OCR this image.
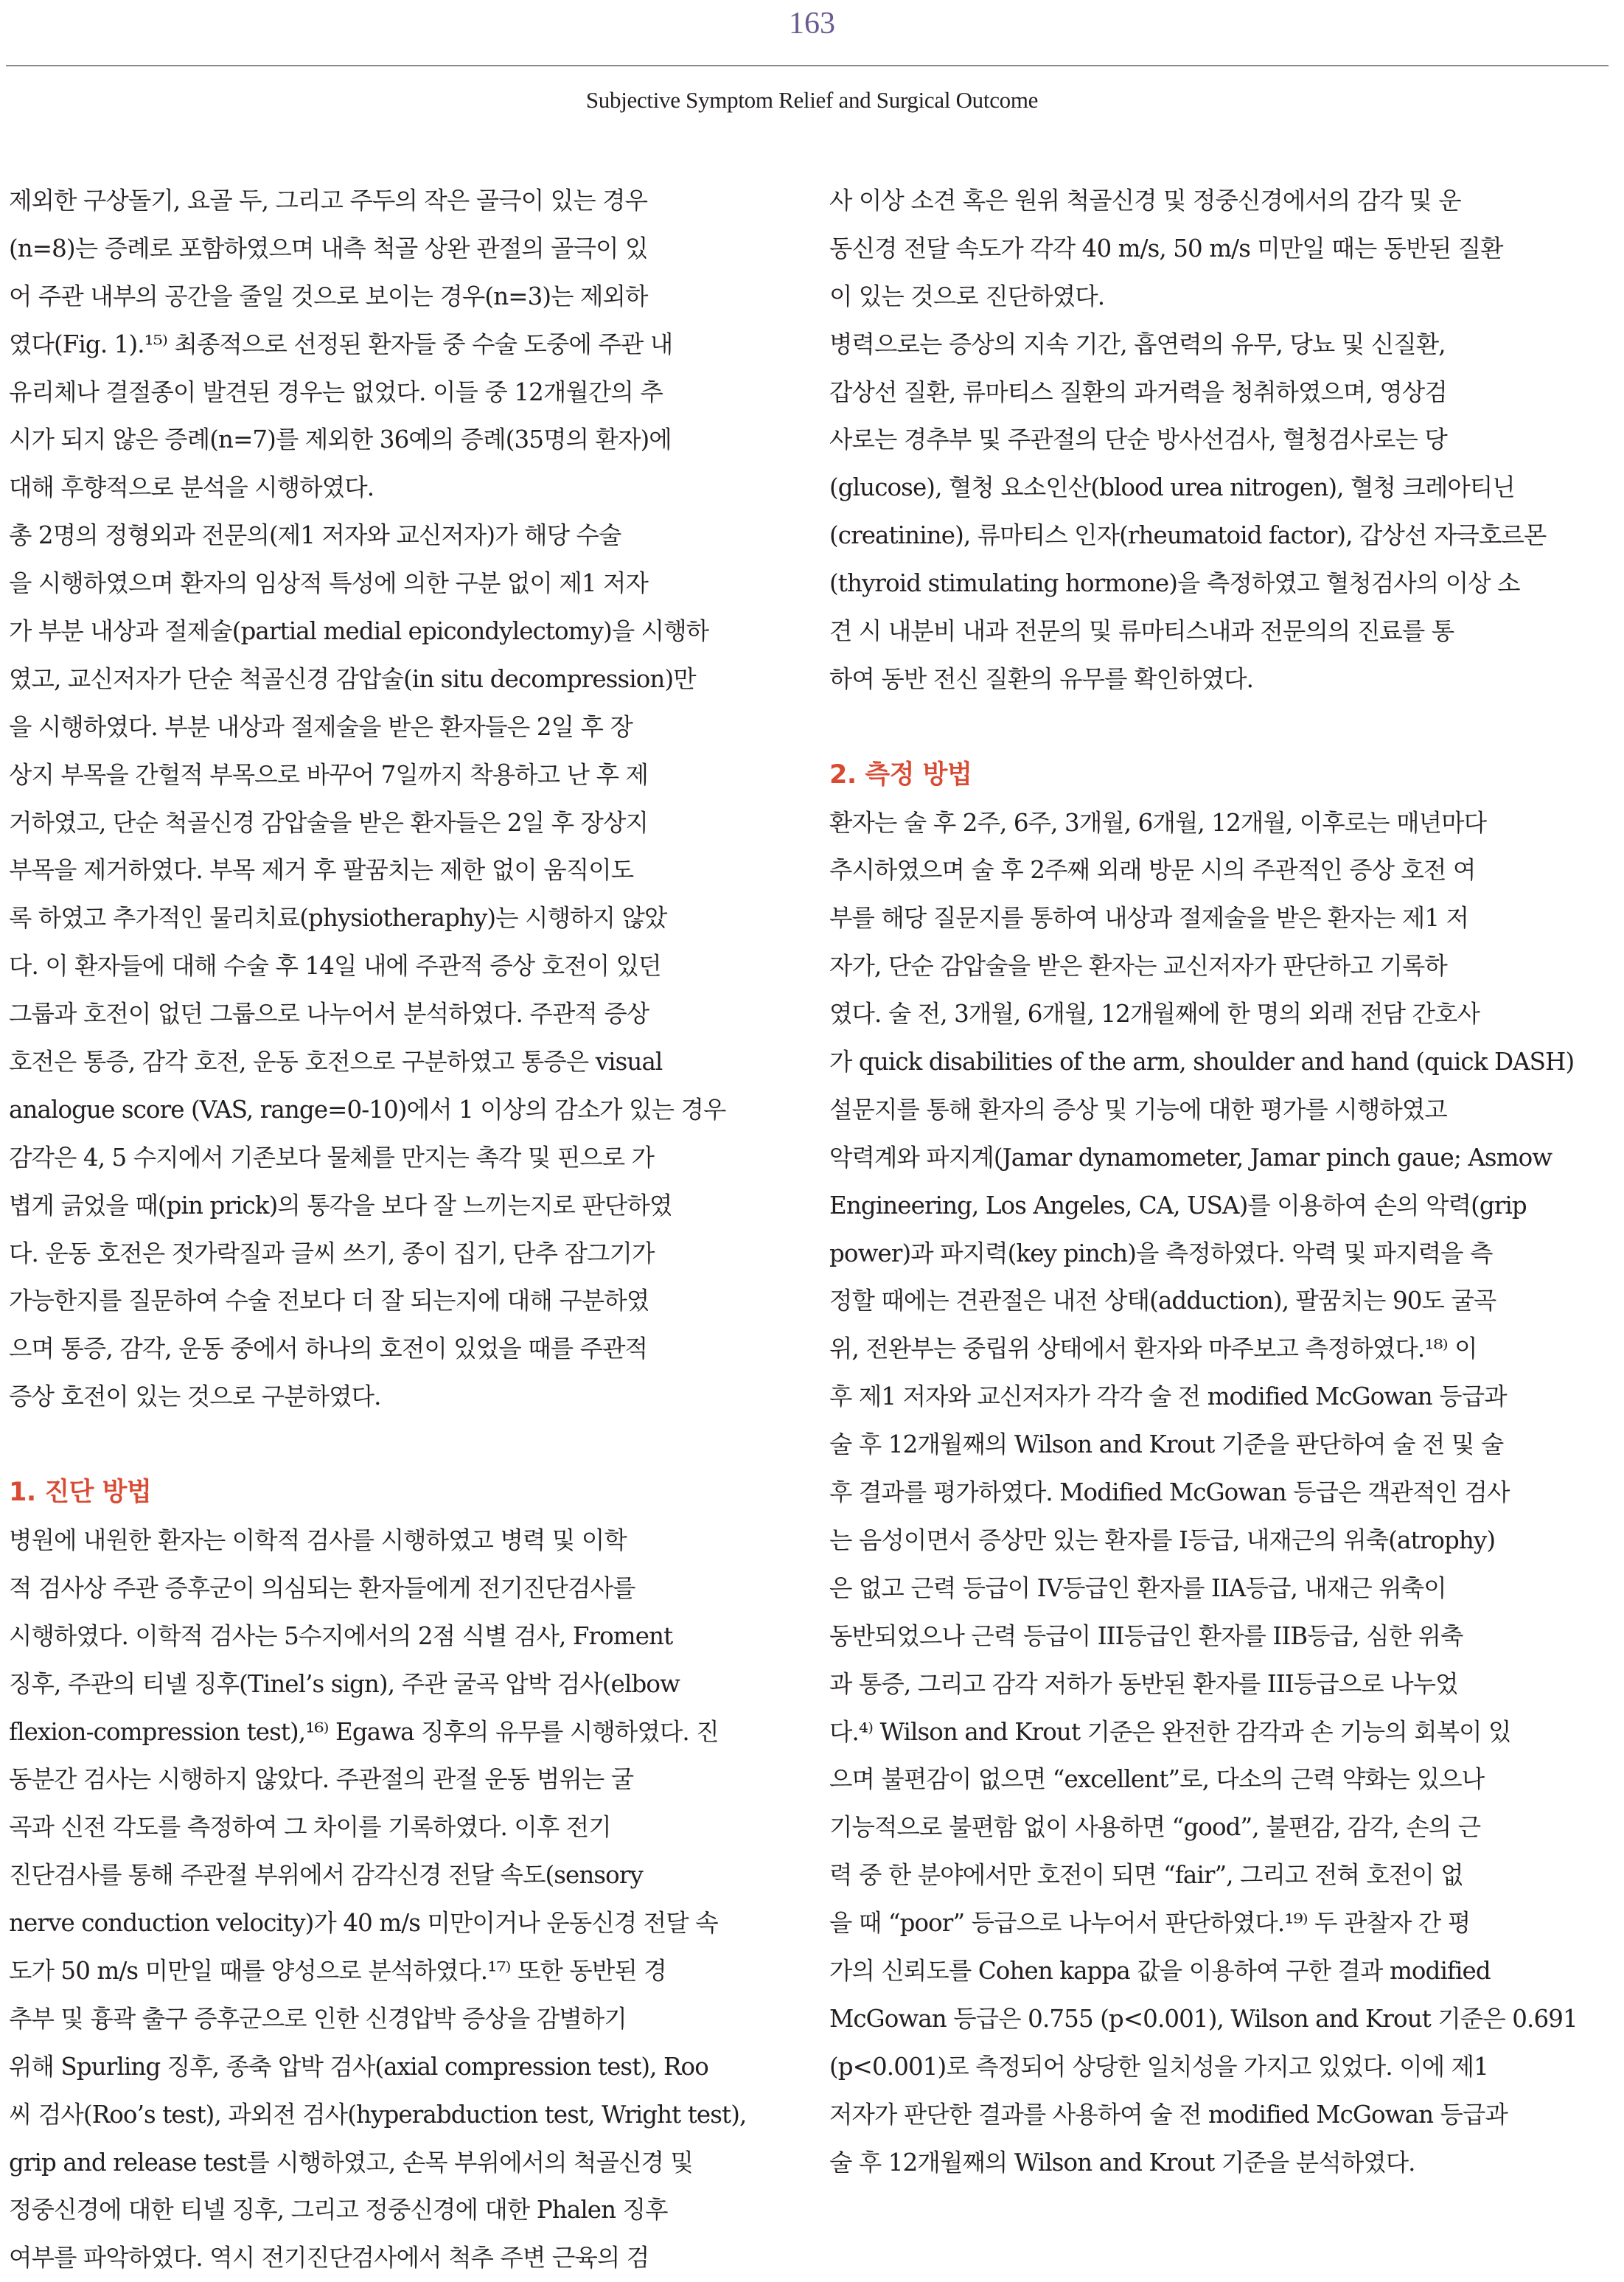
163
Subjective Symptom Relief and Surgical Outcome
제외한 구상돌기, 요골 두, 그리고 주두의 작은 골극이 있는 경우
(n=8)는 증례로 포함하였으며 내측 척골 상완 관절의 골극이 있
어 주관 내부의 공간을 줄일 것으로 보이는 경우(n=3)는 제외하
였다(Fig. 1).¹⁵⁾ 최종적으로 선정된 환자들 중 수술 도중에 주관 내
유리체나 결절종이 발견된 경우는 없었다. 이들 중 12개월간의 추
시가 되지 않은 증례(n=7)를 제외한 36예의 증례(35명의 환자)에
대해 후향적으로 분석을 시행하였다.
총 2명의 정형외과 전문의(제1 저자와 교신저자)가 해당 수술
을 시행하였으며 환자의 임상적 특성에 의한 구분 없이 제1 저자
가 부분 내상과 절제술(partial medial epicondylectomy)을 시행하
였고, 교신저자가 단순 척골신경 감압술(in situ decompression)만
을 시행하였다. 부분 내상과 절제술을 받은 환자들은 2일 후 장
상지 부목을 간헐적 부목으로 바꾸어 7일까지 착용하고 난 후 제
거하였고, 단순 척골신경 감압술을 받은 환자들은 2일 후 장상지
부목을 제거하였다. 부목 제거 후 팔꿈치는 제한 없이 움직이도
록 하였고 추가적인 물리치료(physiotheraphy)는 시행하지 않았
다. 이 환자들에 대해 수술 후 14일 내에 주관적 증상 호전이 있던
그룹과 호전이 없던 그룹으로 나누어서 분석하였다. 주관적 증상
호전은 통증, 감각 호전, 운동 호전으로 구분하였고 통증은 visual
analogue score (VAS, range=0-10)에서 1 이상의 감소가 있는 경우
감각은 4, 5 수지에서 기존보다 물체를 만지는 촉각 및 핀으로 가
볍게 긁었을 때(pin prick)의 통각을 보다 잘 느끼는지로 판단하였
다. 운동 호전은 젓가락질과 글씨 쓰기, 종이 집기, 단추 잠그기가
가능한지를 질문하여 수술 전보다 더 잘 되는지에 대해 구분하였
으며 통증, 감각, 운동 중에서 하나의 호전이 있었을 때를 주관적
증상 호전이 있는 것으로 구분하였다.
1. 진단 방법
병원에 내원한 환자는 이학적 검사를 시행하였고 병력 및 이학
적 검사상 주관 증후군이 의심되는 환자들에게 전기진단검사를
시행하였다. 이학적 검사는 5수지에서의 2점 식별 검사, Froment
징후, 주관의 티넬 징후(Tinel’s sign), 주관 굴곡 압박 검사(elbow
flexion-compression test),¹⁶⁾ Egawa 징후의 유무를 시행하였다. 진
동분간 검사는 시행하지 않았다. 주관절의 관절 운동 범위는 굴
곡과 신전 각도를 측정하여 그 차이를 기록하였다. 이후 전기
진단검사를 통해 주관절 부위에서 감각신경 전달 속도(sensory
nerve conduction velocity)가 40 m/s 미만이거나 운동신경 전달 속
도가 50 m/s 미만일 때를 양성으로 분석하였다.¹⁷⁾ 또한 동반된 경
추부 및 흉곽 출구 증후군으로 인한 신경압박 증상을 감별하기
위해 Spurling 징후, 종축 압박 검사(axial compression test), Roo
씨 검사(Roo’s test), 과외전 검사(hyperabduction test, Wright test),
grip and release test를 시행하였고, 손목 부위에서의 척골신경 및
정중신경에 대한 티넬 징후, 그리고 정중신경에 대한 Phalen 징후
여부를 파악하였다. 역시 전기진단검사에서 척추 주변 근육의 검
사 이상 소견 혹은 원위 척골신경 및 정중신경에서의 감각 및 운
동신경 전달 속도가 각각 40 m/s, 50 m/s 미만일 때는 동반된 질환
이 있는 것으로 진단하였다.
병력으로는 증상의 지속 기간, 흡연력의 유무, 당뇨 및 신질환,
갑상선 질환, 류마티스 질환의 과거력을 청취하였으며, 영상검
사로는 경추부 및 주관절의 단순 방사선검사, 혈청검사로는 당
(glucose), 혈청 요소인산(blood urea nitrogen), 혈청 크레아티닌
(creatinine), 류마티스 인자(rheumatoid factor), 갑상선 자극호르몬
(thyroid stimulating hormone)을 측정하였고 혈청검사의 이상 소
견 시 내분비 내과 전문의 및 류마티스내과 전문의의 진료를 통
하여 동반 전신 질환의 유무를 확인하였다.
2. 측정 방법
환자는 술 후 2주, 6주, 3개월, 6개월, 12개월, 이후로는 매년마다
추시하였으며 술 후 2주째 외래 방문 시의 주관적인 증상 호전 여
부를 해당 질문지를 통하여 내상과 절제술을 받은 환자는 제1 저
자가, 단순 감압술을 받은 환자는 교신저자가 판단하고 기록하
였다. 술 전, 3개월, 6개월, 12개월째에 한 명의 외래 전담 간호사
가 quick disabilities of the arm, shoulder and hand (quick DASH)
설문지를 통해 환자의 증상 및 기능에 대한 평가를 시행하였고
악력계와 파지계(Jamar dynamometer, Jamar pinch gaue; Asmow
Engineering, Los Angeles, CA, USA)를 이용하여 손의 악력(grip
power)과 파지력(key pinch)을 측정하였다. 악력 및 파지력을 측
정할 때에는 견관절은 내전 상태(adduction), 팔꿈치는 90도 굴곡
위, 전완부는 중립위 상태에서 환자와 마주보고 측정하였다.¹⁸⁾ 이
후 제1 저자와 교신저자가 각각 술 전 modified McGowan 등급과
술 후 12개월째의 Wilson and Krout 기준을 판단하여 술 전 및 술
후 결과를 평가하였다. Modified McGowan 등급은 객관적인 검사
는 음성이면서 증상만 있는 환자를 I등급, 내재근의 위축(atrophy)
은 없고 근력 등급이 IV등급인 환자를 IIA등급, 내재근 위축이
동반되었으나 근력 등급이 III등급인 환자를 IIB등급, 심한 위축
과 통증, 그리고 감각 저하가 동반된 환자를 III등급으로 나누었
다.⁴⁾ Wilson and Krout 기준은 완전한 감각과 손 기능의 회복이 있
으며 불편감이 없으면 “excellent”로, 다소의 근력 약화는 있으나
기능적으로 불편함 없이 사용하면 “good”, 불편감, 감각, 손의 근
력 중 한 분야에서만 호전이 되면 “fair”, 그리고 전혀 호전이 없
을 때 “poor” 등급으로 나누어서 판단하였다.¹⁹⁾ 두 관찰자 간 평
가의 신뢰도를 Cohen kappa 값을 이용하여 구한 결과 modified
McGowan 등급은 0.755 (p<0.001), Wilson and Krout 기준은 0.691
(p<0.001)로 측정되어 상당한 일치성을 가지고 있었다. 이에 제1
저자가 판단한 결과를 사용하여 술 전 modified McGowan 등급과
술 후 12개월째의 Wilson and Krout 기준을 분석하였다.
